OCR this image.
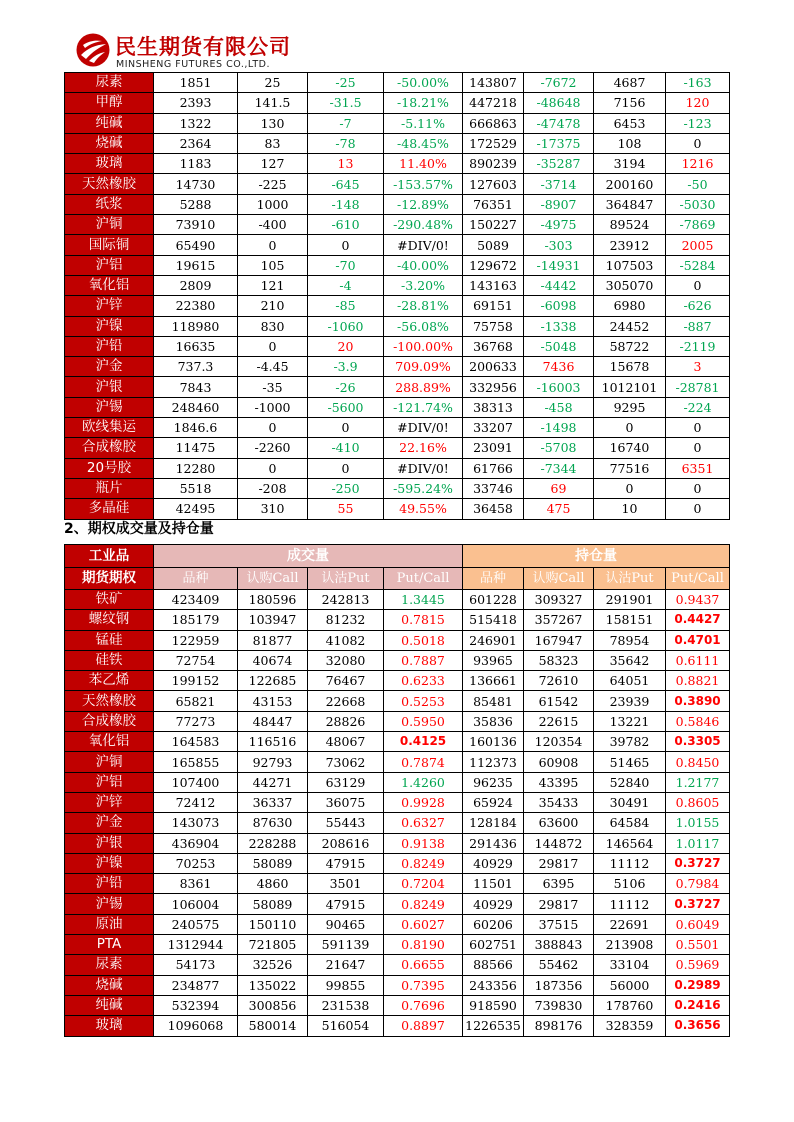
民生期货有限公司
MINSHENG FUTURES CO.,LTD.
尿素	1851	25	-25	-50.00%	143807	-7672	4687	-163
甲醇	2393	141.5	-31.5	-18.21%	447218	-48648	7156	120
纯碱	1322	130	-7	-5.11%	666863	-47478	6453	-123
烧碱	2364	83	-78	-48.45%	172529	-17375	108	0
玻璃	1183	127	13	11.40%	890239	-35287	3194	1216
天然橡胶	14730	-225	-645	-153.57%	127603	-3714	200160	-50
纸浆	5288	1000	-148	-12.89%	76351	-8907	364847	-5030
沪铜	73910	-400	-610	-290.48%	150227	-4975	89524	-7869
国际铜	65490	0	0	#DIV/0!	5089	-303	23912	2005
沪铝	19615	105	-70	-40.00%	129672	-14931	107503	-5284
氧化铝	2809	121	-4	-3.20%	143163	-4442	305070	0
沪锌	22380	210	-85	-28.81%	69151	-6098	6980	-626
沪镍	118980	830	-1060	-56.08%	75758	-1338	24452	-887
沪铅	16635	0	20	-100.00%	36768	-5048	58722	-2119
沪金	737.3	-4.45	-3.9	709.09%	200633	7436	15678	3
沪银	7843	-35	-26	288.89%	332956	-16003	1012101	-28781
沪锡	248460	-1000	-5600	-121.74%	38313	-458	9295	-224
欧线集运	1846.6	0	0	#DIV/0!	33207	-1498	0	0
合成橡胶	11475	-2260	-410	22.16%	23091	-5708	16740	0
20号胶	12280	0	0	#DIV/0!	61766	-7344	77516	6351
瓶片	5518	-208	-250	-595.24%	33746	69	0	0
多晶硅	42495	310	55	49.55%	36458	475	10	0
2、期权成交量及持仓量
工业品	成交量				持仓量			
期货期权	品种	认购Call	认沽Put	Put/Call	品种	认购Call	认沽Put	Put/Call
铁矿	423409	180596	242813	1.3445	601228	309327	291901	0.9437
螺纹钢	185179	103947	81232	0.7815	515418	357267	158151	0.4427
锰硅	122959	81877	41082	0.5018	246901	167947	78954	0.4701
硅铁	72754	40674	32080	0.7887	93965	58323	35642	0.6111
苯乙烯	199152	122685	76467	0.6233	136661	72610	64051	0.8821
天然橡胶	65821	43153	22668	0.5253	85481	61542	23939	0.3890
合成橡胶	77273	48447	28826	0.5950	35836	22615	13221	0.5846
氧化铝	164583	116516	48067	0.4125	160136	120354	39782	0.3305
沪铜	165855	92793	73062	0.7874	112373	60908	51465	0.8450
沪铝	107400	44271	63129	1.4260	96235	43395	52840	1.2177
沪锌	72412	36337	36075	0.9928	65924	35433	30491	0.8605
沪金	143073	87630	55443	0.6327	128184	63600	64584	1.0155
沪银	436904	228288	208616	0.9138	291436	144872	146564	1.0117
沪镍	70253	58089	47915	0.8249	40929	29817	11112	0.3727
沪铅	8361	4860	3501	0.7204	11501	6395	5106	0.7984
沪锡	106004	58089	47915	0.8249	40929	29817	11112	0.3727
原油	240575	150110	90465	0.6027	60206	37515	22691	0.6049
PTA	1312944	721805	591139	0.8190	602751	388843	213908	0.5501
尿素	54173	32526	21647	0.6655	88566	55462	33104	0.5969
烧碱	234877	135022	99855	0.7395	243356	187356	56000	0.2989
纯碱	532394	300856	231538	0.7696	918590	739830	178760	0.2416
玻璃	1096068	580014	516054	0.8897	1226535	898176	328359	0.3656
